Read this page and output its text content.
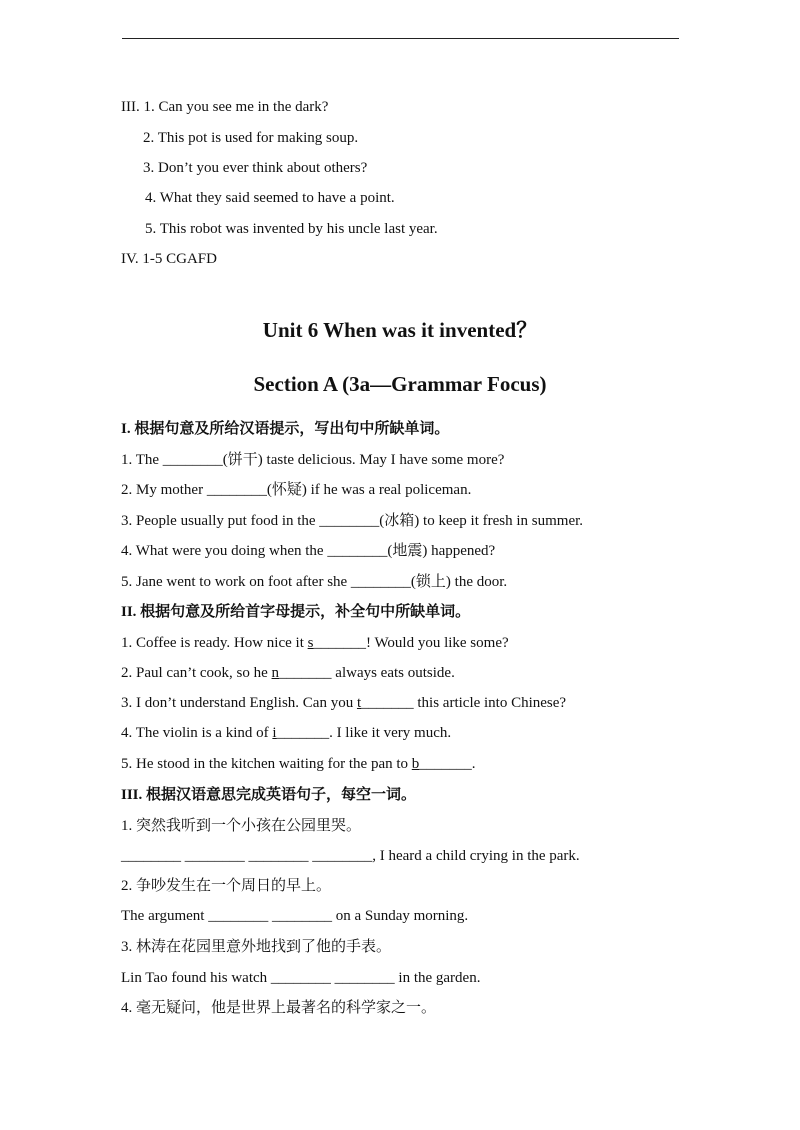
III. 1. Can you see me in the dark?
2. This pot is used for making soup.
3. Don’t you ever think about others?
4. What they said seemed to have a point.
5. This robot was invented by his uncle last year.
IV. 1-5 CGAFD
Unit 6 When was it invented？
Section A (3a—Grammar Focus)
I. 根据句意及所给汉语提示，写出句中所缺单词。
1. The ________(饼干) taste delicious. May I have some more?
2. My mother ________(怀疑) if he was a real policeman.
3. People usually put food in the ________(冰箱) to keep it fresh in summer.
4. What were you doing when the ________(地震) happened?
5. Jane went to work on foot after she ________(锁上) the door.
II. 根据句意及所给首字母提示，补全句中所缺单词。
1. Coffee is ready. How nice it s_______! Would you like some?
2. Paul can’t cook, so he n_______ always eats outside.
3. I don’t understand English. Can you t_______ this article into Chinese?
4. The violin is a kind of i_______. I like it very much.
5. He stood in the kitchen waiting for the pan to b_______.
III. 根据汉语意思完成英语句子，每空一词。
1. 突然我听到一个小孩在公园里哭。
________ ________ ________ ________, I heard a child crying in the park.
2. 争吵发生在一个周日的早上。
The argument ________ ________ on a Sunday morning.
3. 林涛在花园里意外地找到了他的手表。
Lin Tao found his watch ________ ________ in the garden.
4. 毫无疑问，他是世界上最著名的科学家之一。
